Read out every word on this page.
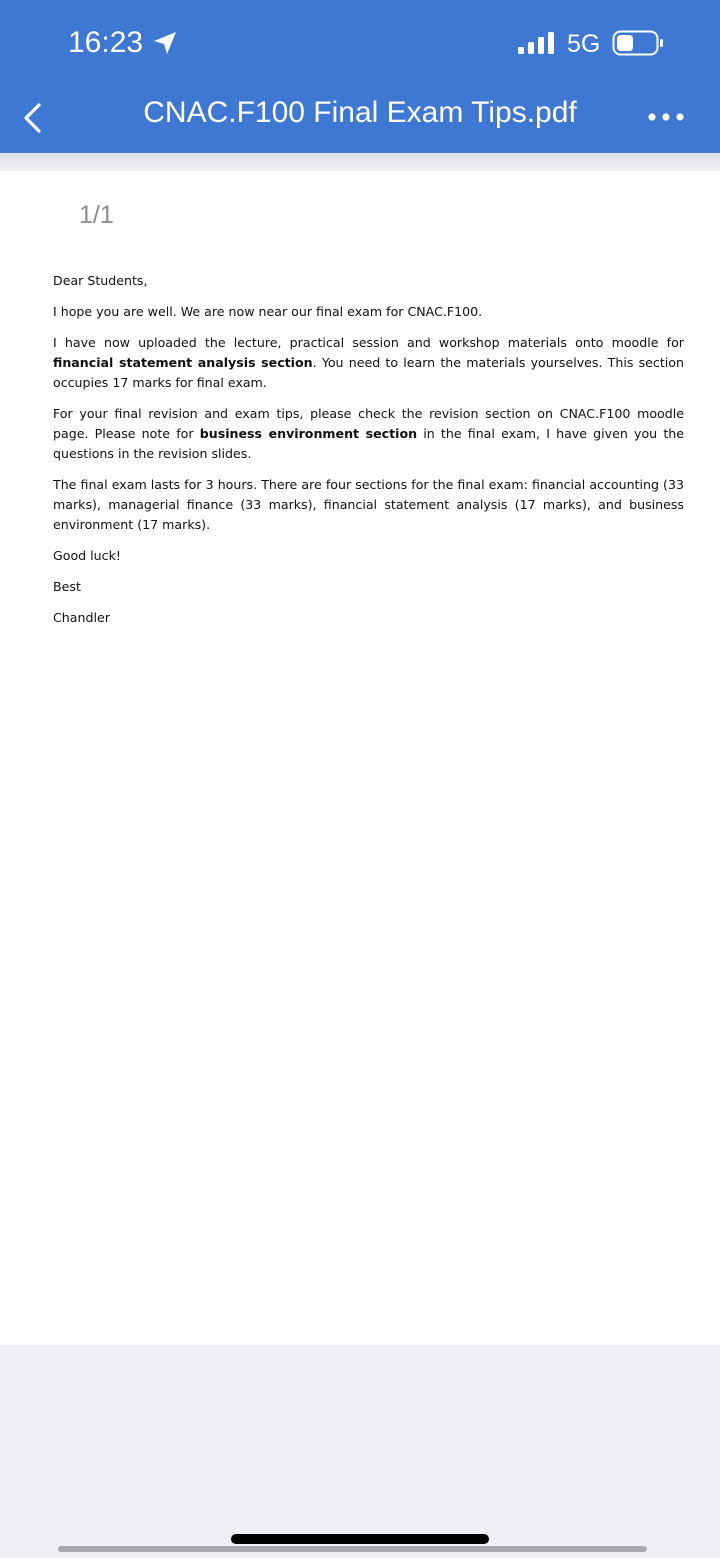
16:23	5G
CNAC.F100 Final Exam Tips.pdf
1/1

Dear Students,

I hope you are well. We are now near our final exam for CNAC.F100.

I have now uploaded the lecture, practical session and workshop materials onto moodle for financial statement analysis section. You need to learn the materials yourselves. This section occupies 17 marks for final exam.

For your final revision and exam tips, please check the revision section on CNAC.F100 moodle page. Please note for business environment section in the final exam, I have given you the questions in the revision slides.

The final exam lasts for 3 hours. There are four sections for the final exam: financial accounting (33 marks), managerial finance (33 marks), financial statement analysis (17 marks), and business environment (17 marks).

Good luck!

Best

Chandler
